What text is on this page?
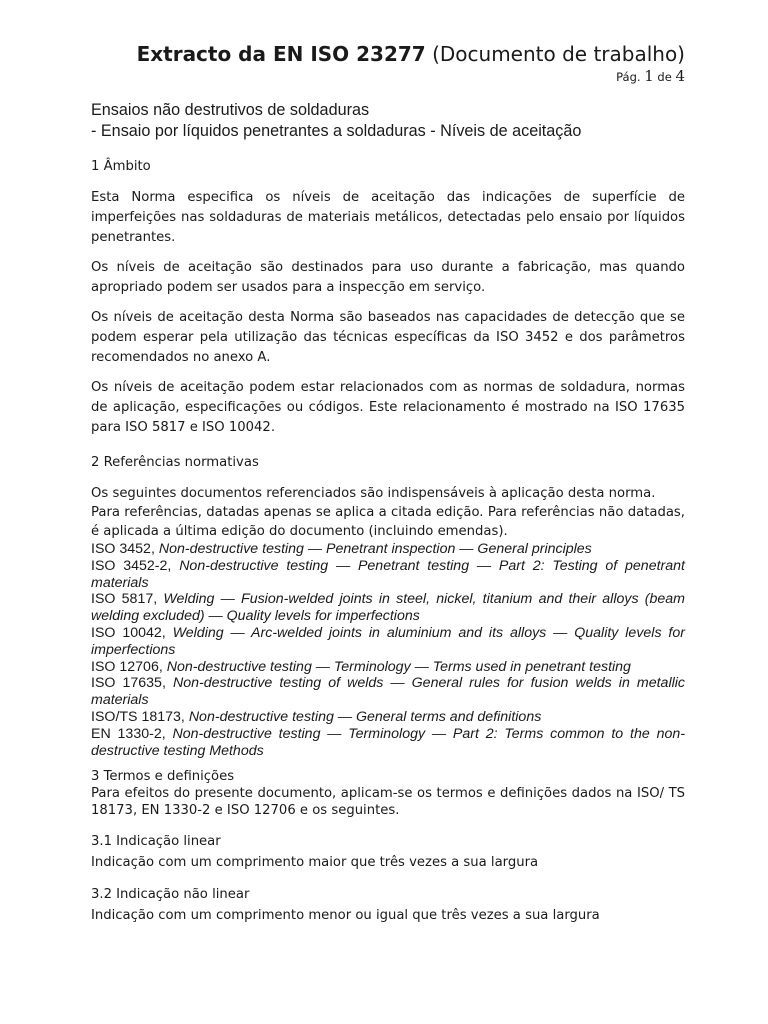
Extracto da EN ISO 23277 (Documento de trabalho)
Pág. 1 de 4
Ensaios não destrutivos de soldaduras
- Ensaio por líquidos penetrantes a soldaduras - Níveis de aceitação
1 Âmbito

Esta Norma especifica os níveis de aceitação das indicações de superfície de imperfeições nas soldaduras de materiais metálicos, detectadas pelo ensaio por líquidos penetrantes.

Os níveis de aceitação são destinados para uso durante a fabricação, mas quando apropriado podem ser usados para a inspecção em serviço.

Os níveis de aceitação desta Norma são baseados nas capacidades de detecção que se podem esperar pela utilização das técnicas específicas da ISO 3452 e dos parâmetros recomendados no anexo A.

Os níveis de aceitação podem estar relacionados com as normas de soldadura, normas de aplicação, especificações ou códigos. Este relacionamento é mostrado na ISO 17635 para ISO 5817 e ISO 10042.

2 Referências normativas

Os seguintes documentos referenciados são indispensáveis à aplicação desta norma.

Para referências, datadas apenas se aplica a citada edição. Para referências não datadas, é aplicada a última edição do documento (incluindo emendas).

ISO 3452, Non-destructive testing — Penetrant inspection — General principles
ISO 3452-2, Non-destructive testing — Penetrant testing — Part 2: Testing of penetrant materials
ISO 5817, Welding — Fusion-welded joints in steel, nickel, titanium and their alloys (beam welding excluded) — Quality levels for imperfections
ISO 10042, Welding — Arc-welded joints in aluminium and its alloys — Quality levels for imperfections
ISO 12706, Non-destructive testing — Terminology — Terms used in penetrant testing
ISO 17635, Non-destructive testing of welds — General rules for fusion welds in metallic materials
ISO/TS 18173, Non-destructive testing — General terms and definitions
EN 1330-2, Non-destructive testing — Terminology — Part 2: Terms common to the non-destructive testing Methods
3 Termos e definições
Para efeitos do presente documento, aplicam-se os termos e definições dados na ISO/ TS 18173, EN 1330-2 e ISO 12706 e os seguintes.
3.1 Indicação linear
Indicação com um comprimento maior que três vezes a sua largura
3.2 Indicação não linear
Indicação com um comprimento menor ou igual que três vezes a sua largura
